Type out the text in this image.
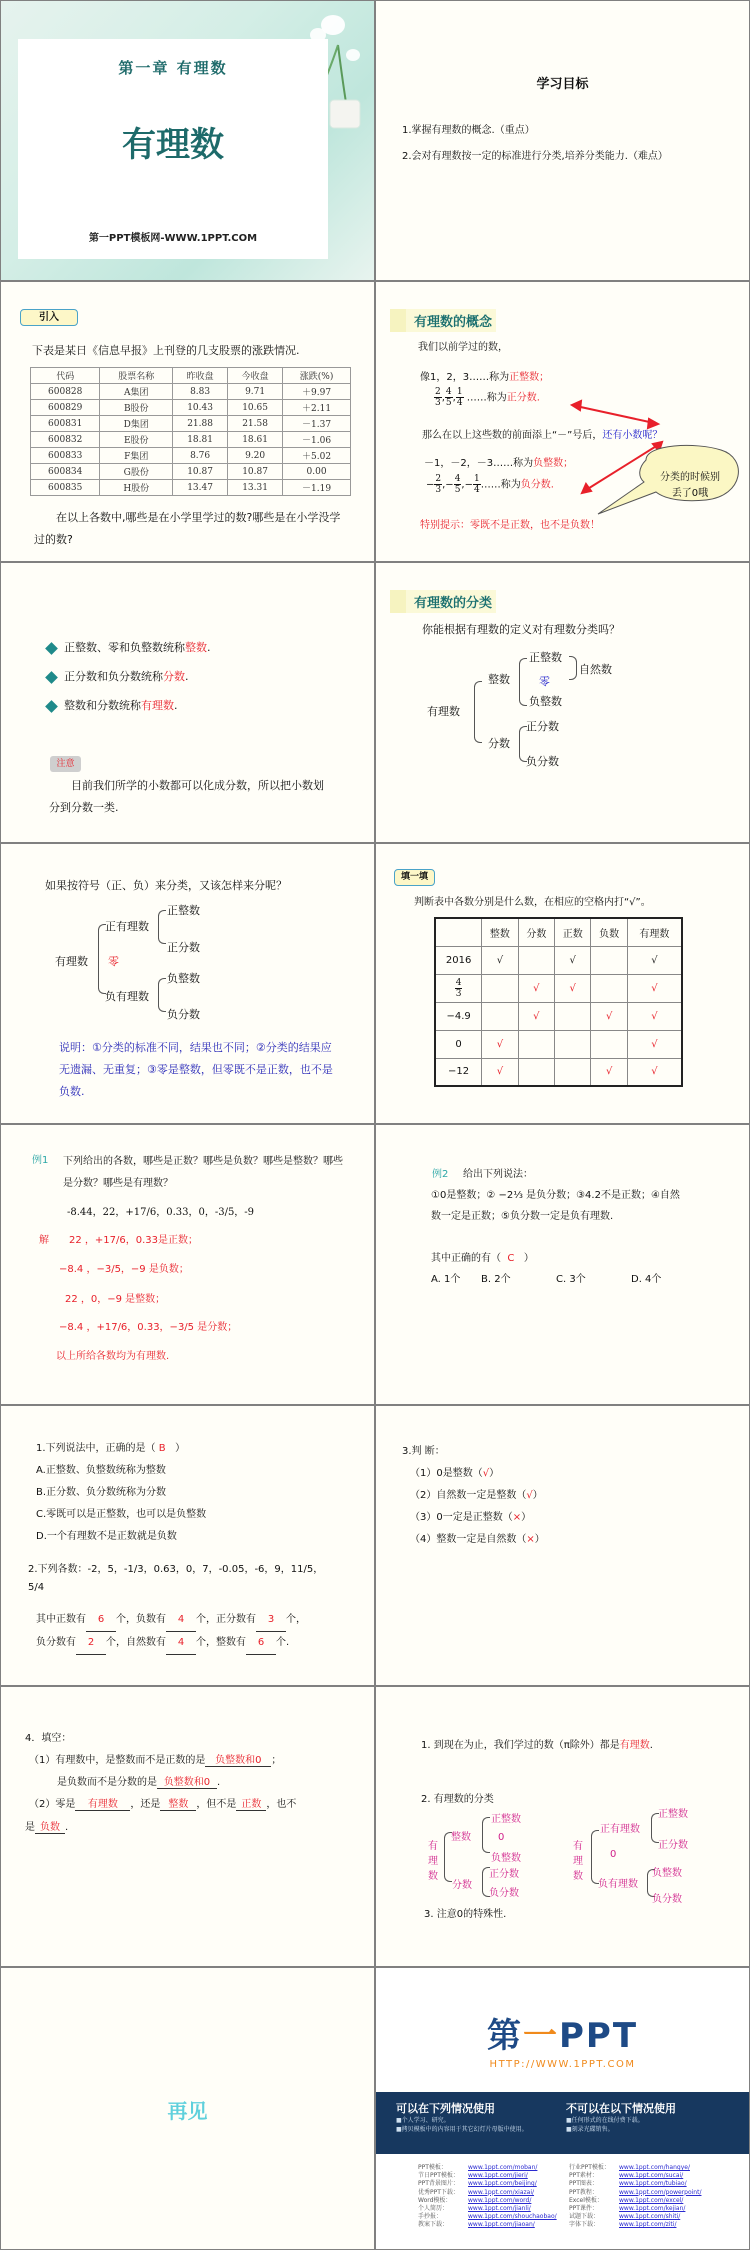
第一章 有理数
有理数
第一PPT模板网-WWW.1PPT.COM
学习目标
1.掌握有理数的概念.（重点）
2.会对有理数按一定的标准进行分类,培养分类能力.（难点）
引入
下表是某日《信息早报》上刊登的几支股票的涨跌情况.
代码	股票名称	昨收盘	今收盘	涨跌(%)
600828	A集团	8.83	9.71	＋9.97
600829	B股份	10.43	10.65	＋2.11
600831	D集团	21.88	21.58	－1.37
600832	E股份	18.81	18.61	－1.06
600833	F集团	8.76	9.20	＋5.02
600834	G股份	10.87	10.87	0.00
600835	H股份	13.47	13.31	－1.19
在以上各数中,哪些是在小学里学过的数?哪些是在小学没学过的数?
有理数的概念
我们以前学过的数，
像1，2，3……称为正整数；
$\frac{2}{3}$ , $\frac{4}{5}$ , $\frac{1}{4}$ ……称为正分数.
那么在以上这些数的前面添上“－”号后，还有小数呢？
－1，－2，－3……称为负整数；
− $\frac{2}{3}$ ,− $\frac{4}{5}$ ,− $\frac{1}{4}$ ……称为负分数.
分类的时候别丢了0哦
特别提示：零既不是正数，也不是负数！
正整数、零和负整数统称整数.
正分数和负分数统称分数.
整数和分数统称有理数.
注意
目前我们所学的小数都可以化成分数，所以把小数划分到分数一类.
有理数的分类
你能根据有理数的定义对有理数分类吗？
有理数
整数
正整数
零
负整数
自然数
分数
正分数
负分数
如果按符号（正、负）来分类，又该怎样来分呢？
有理数
正有理数
零
负有理数
正整数
正分数
负整数
负分数
说明：①分类的标准不同，结果也不同；②分类的结果应无遗漏、无重复；③零是整数，但零既不是正数，也不是负数.
填一填
判断表中各数分别是什么数，在相应的空格内打“√”。
	整数	分数	正数	负数	有理数
2016	√		√		√

$\frac{4}{3}$		√	√		√
−4.9		√		√	√
0	√				√
−12	√			√	√
例1 下列给出的各数，哪些是正数？哪些是负数？哪些是整数？哪些是分数？哪些是有理数？
-8.44，22，+17/6，0.33，0，-3/5，-9
解 22 ，+17/6，0.33是正数；
−8.4 ，−3/5，−9 是负数；
22 ，0，−9 是整数；
−8.4 ，+17/6，0.33，−3/5 是分数；
以上所给各数均为有理数.
例2 给出下列说法：
①0是整数；② −2⅓ 是负分数；③4.2不是正数；④自然数一定是正数；⑤负分数一定是负有理数.
其中正确的有（ C ）
A. 1个	B. 2个	C. 3个	D. 4个
1.下列说法中，正确的是（ B ）
A.正整数、负整数统称为整数
B.正分数、负分数统称为分数
C.零既可以是正整数，也可以是负整数
D.一个有理数不是正数就是负数
2.下列各数：-2，5，-1/3，0.63，0，7，-0.05，-6，9，11/5，5/4
其中正数有 6 个，负数有 4 个，正分数有 3 个，
负分数有 2 个，自然数有 4 个，整数有 6 个.
3.判 断：
（1）0是整数（√）
（2）自然数一定是整数（√）
（3）0一定是正整数（×）
（4）整数一定是自然数（×）
4．填空：
（1）有理数中，是整数而不是正数的是 负整数和0 ；
是负数而不是分数的是 负整数和0 .
（2）零是 有理数 ，还是 整数 ，但不是 正数 ，也不
是 负数 .
1. 到现在为止，我们学过的数（π除外）都是有理数.
2. 有理数的分类
有理数
整数
正整数
0
负整数
分数
正分数
负分数
有理数
正有理数
正整数
正分数
0
负有理数
负整数
负分数
3. 注意0的特殊性.
再见
第一PPT
HTTP://WWW.1PPT.COM
可以在下列情况使用

■个人学习、研究。

■拷贝模板中的内容用于其它幻灯片母版中使用。

不可以在以下情况使用

■任何形式的在线付费下载。

■刻录光碟销售。

PPT模板：	www.1ppt.com/moban/
节日PPT模板： www.1ppt.com/jieri/
PPT背景图片： www.1ppt.com/beijing/
优秀PPT下载： www.1ppt.com/xiazai/
Word模板：	www.1ppt.com/word/
个人简历：	www.1ppt.com/jianli/
手抄报：	www.1ppt.com/shouchaobao/
教案下载：	www.1ppt.com/jiaoan/
行业PPT模板： www.1ppt.com/hangye/
PPT素材：	www.1ppt.com/sucai/
PPT图表：	www.1ppt.com/tubiao/
PPT教程：	www.1ppt.com/powerpoint/
Excel模板：	www.1ppt.com/excel/
PPT课件：	www.1ppt.com/kejian/
试题下载：	www.1ppt.com/shiti/
字体下载：	www.1ppt.com/ziti/
